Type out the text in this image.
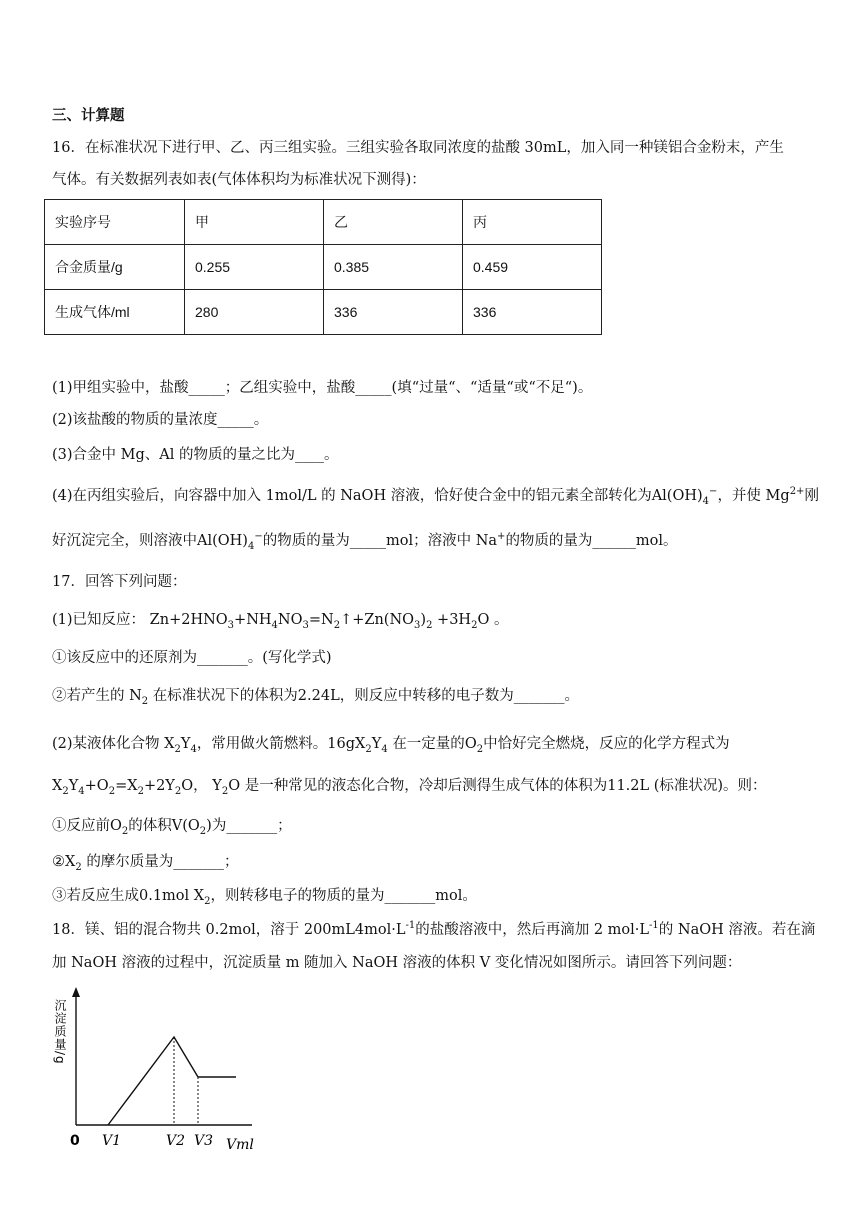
三、计算题
16．在标准状况下进行甲、乙、丙三组实验。三组实验各取同浓度的盐酸 30mL，加入同一种镁铝合金粉末，产生
气体。有关数据列表如表(气体体积均为标准状况下测得)：
实验序号	甲	乙	丙
合金质量/g	0.255	0.385	0.459
生成气体/ml	280	336	336
(1)甲组实验中，盐酸_____；乙组实验中，盐酸_____(填“过量“、“适量“或“不足“)。
(2)该盐酸的物质的量浓度_____。
(3)合金中 Mg、Al 的物质的量之比为____。
(4)在丙组实验后，向容器中加入 1mol/L 的 NaOH 溶液，恰好使合金中的铝元素全部转化为$Al(OH)_4^-$，并使 $Mg^{2+}$刚
好沉淀完全，则溶液中$Al(OH)_4^-$的物质的量为_____mol；溶液中 Na+的物质的量为______mol。
17．回答下列问题：
(1)已知反应： $Zn+2HNO_3+NH_4NO_3=N_2↑+Zn(NO_3)_2 +3H_2O$ 。
①该反应中的还原剂为_______。(写化学式)
②若产生的 $N_2$ 在标准状况下的体积为2.24L，则反应中转移的电子数为_______。
(2)某液体化合物 $X_2Y_4$，常用做火箭燃料。$16gX_2Y_4$ 在一定量的$O_2$中恰好完全燃烧，反应的化学方程式为
$X_2Y_4+O_2=X_2+2Y_2O$， $Y_2O$ 是一种常见的液态化合物，冷却后测得生成气体的体积为11.2L (标准状况)。则：
①反应前$O_2$的体积$V(O_2)$为_______；
$②X_2$ 的摩尔质量为_______；
③若反应生成0.1mol $X_2$，则转移电子的物质的量为_______mol。
18．镁、铝的混合物共 0.2mol，溶于 $200mL4mol\cdot L^{-1}$的盐酸溶液中，然后再滴加 2 $mol\cdot L^{-1}$的 NaOH 溶液。若在滴
加 NaOH 溶液的过程中，沉淀质量 m 随加入 NaOH 溶液的体积 V 变化情况如图所示。请回答下列问题：
沉淀质量/g
0 V1	V2 V3 Vml
